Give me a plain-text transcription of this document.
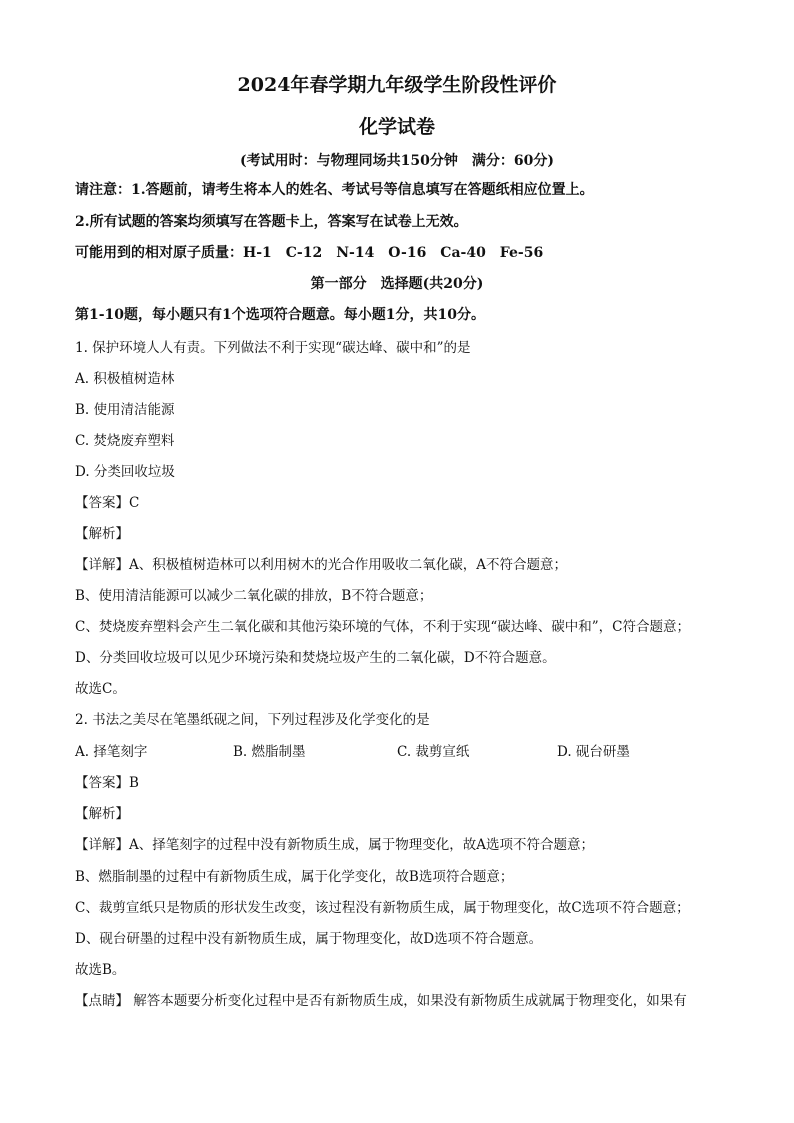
2024年春学期九年级学生阶段性评价
化学试卷
(考试用时：与物理同场共150分钟　满分：60分)
请注意：1.答题前，请考生将本人的姓名、考试号等信息填写在答题纸相应位置上。
2.所有试题的答案均须填写在答题卡上，答案写在试卷上无效。
可能用到的相对原子质量：H-1　C-12　N-14　O-16　Ca-40　Fe-56
第一部分　选择题(共20分)
第1-10题，每小题只有1个选项符合题意。每小题1分，共10分。
1. 保护环境人人有责。下列做法不利于实现“碳达峰、碳中和”的是
A. 积极植树造林
B. 使用清洁能源
C. 焚烧废弃塑料
D. 分类回收垃圾
【答案】C
【解析】
【详解】A、积极植树造林可以利用树木的光合作用吸收二氧化碳，A不符合题意；
B、使用清洁能源可以减少二氧化碳的排放，B不符合题意；
C、焚烧废弃塑料会产生二氧化碳和其他污染环境的气体，不利于实现“碳达峰、碳中和”，C符合题意；
D、分类回收垃圾可以见少环境污染和焚烧垃圾产生的二氧化碳，D不符合题意。
故选C。
2. 书法之美尽在笔墨纸砚之间，下列过程涉及化学变化的是
A. 择笔刻字	B. 燃脂制墨	C. 裁剪宣纸	D. 砚台研墨
【答案】B
【解析】
【详解】A、择笔刻字的过程中没有新物质生成，属于物理变化，故A选项不符合题意；
B、燃脂制墨的过程中有新物质生成，属于化学变化，故B选项符合题意；
C、裁剪宣纸只是物质的形状发生改变，该过程没有新物质生成，属于物理变化，故C选项不符合题意；
D、砚台研墨的过程中没有新物质生成，属于物理变化，故D选项不符合题意。
故选B。
【点睛】 解答本题要分析变化过程中是否有新物质生成，如果没有新物质生成就属于物理变化，如果有
